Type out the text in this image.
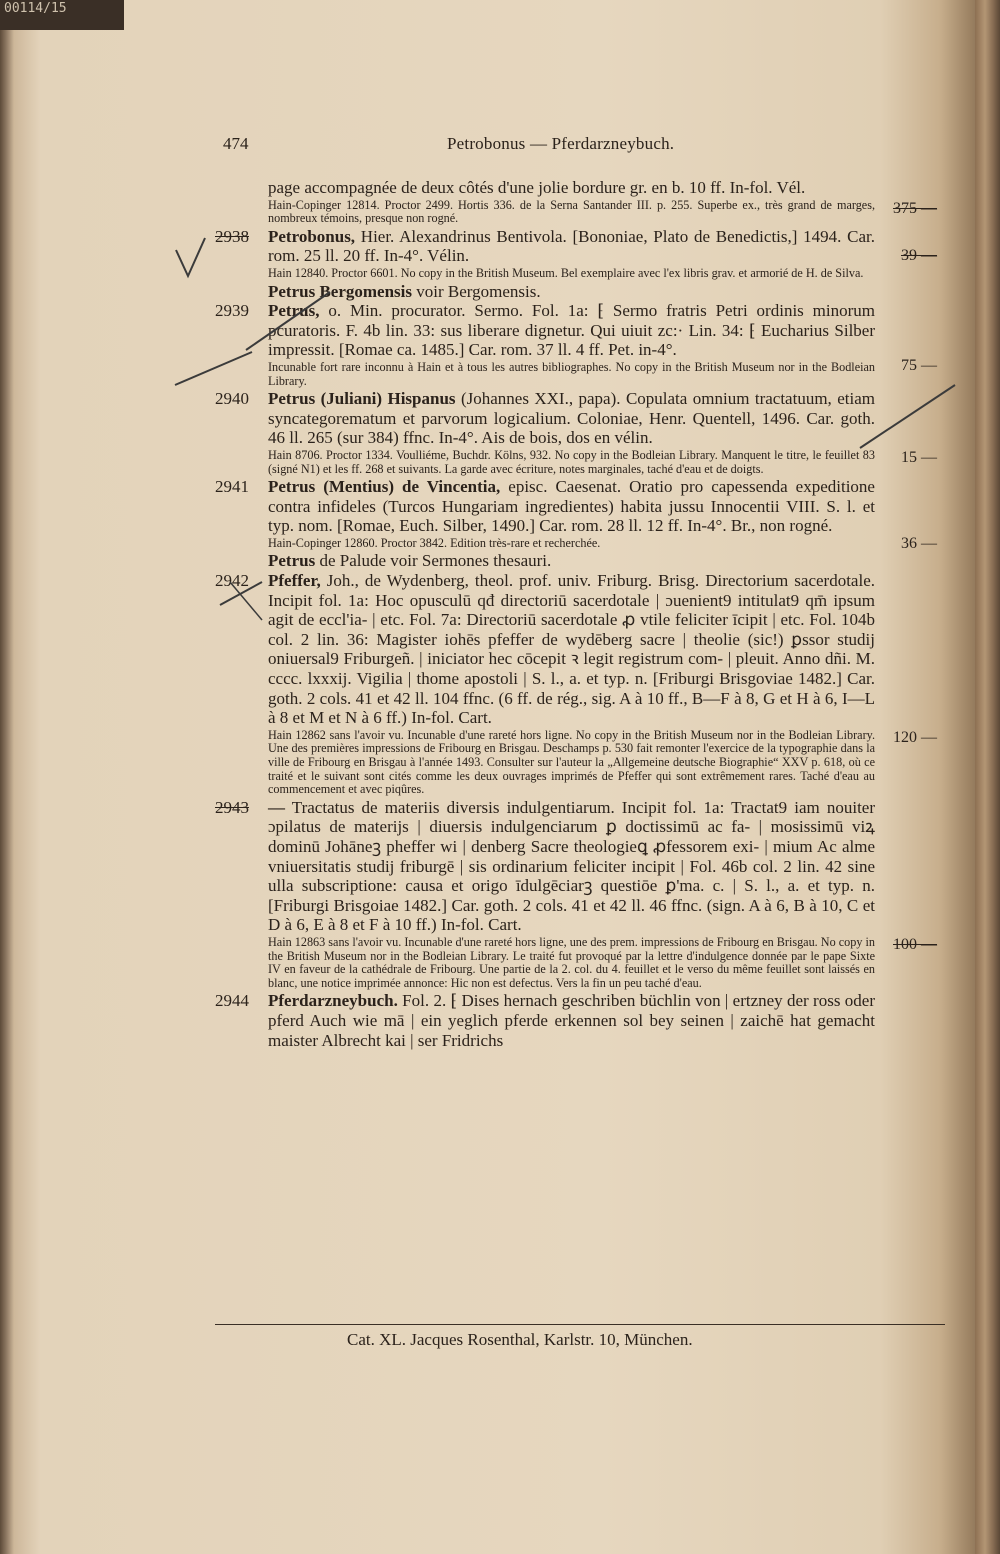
00114/15
474	Petrobonus — Pferdarzneybuch.
page accompagnée de deux côtés d'une jolie bordure gr. en b. 10 ff. In-fol. Vél.
Hain-Copinger 12814. Proctor 2499. Hortis 336. de la Serna Santander III. p. 255. Superbe ex., très grand de marges, nombreux témoins, presque non rogné.
375 —
2938 Petrobonus, Hier. Alexandrinus Bentivola. [Bononiae, Plato de Benedictis,] 1494. Car. rom. 25 ll. 20 ff. In-4°. Vélin.
Hain 12840. Proctor 6601. No copy in the British Museum. Bel exemplaire avec l'ex libris grav. et armorié de H. de Silva.
39 —
Petrus Bergomensis voir Bergomensis.
2939 Petrus, o. Min. procurator. Sermo. Fol. 1a: ⁅ Sermo fratris Petri ordinis minorum pcuratoris. F. 4b lin. 33: sus liberare dignetur. Qui uiuit zc:· Lin. 34: ⁅ Eucharius Silber impressit. [Romae ca. 1485.] Car. rom. 37 ll. 4 ff. Pet. in-4°.
Incunable fort rare inconnu à Hain et à tous les autres bibliographes. No copy in the British Museum nor in the Bodleian Library.
75 —
2940 Petrus (Juliani) Hispanus (Johannes XXI., papa). Copulata omnium tractatuum, etiam syncategorematum et parvorum logicalium. Coloniae, Henr. Quentell, 1496. Car. goth. 46 ll. 265 (sur 384) ffnc. In-4°. Ais de bois, dos en vélin.
Hain 8706. Proctor 1334. Voulliéme, Buchdr. Kölns, 932. No copy in the Bodleian Library. Manquent le titre, le feuillet 83 (signé N1) et les ff. 268 et suivants. La garde avec écriture, notes marginales, taché d'eau et de doigts.
15 —
2941 Petrus (Mentius) de Vincentia, episc. Caesenat. Oratio pro capessenda expeditione contra infideles (Turcos Hungariam ingredientes) habita jussu Innocentii VIII. S. l. et typ. nom. [Romae, Euch. Silber, 1490.] Car. rom. 28 ll. 12 ff. In-4°. Br., non rogné.
Hain-Copinger 12860. Proctor 3842. Edition très-rare et recherchée.	36 —
Petrus de Palude voir Sermones thesauri.
2942 Pfeffer, Joh., de Wydenberg, theol. prof. univ. Friburg. Brisg. Directorium sacerdotale. Incipit fol. 1a: Hoc opusculū qđ directoriū sacerdotale | ɔuenient9 intitulat9 qm̄ ipsum agit de eccl'ia- | etc. Fol. 7a: Directoriū sacerdotale ꝓ vtile feliciter īcipit | etc. Fol. 104b col. 2 lin. 36: Magister iohēs pfeffer de wydēberg sacre | theolie (sic!) ꝑssor studij oniuersal9 Friburgeñ. | iniciator hec cōcepit ꝛ legit registrum com- | pleuit. Anno dñi. M. cccc. lxxxij. Vigilia | thome apostoli | S. l., a. et typ. n. [Friburgi Brisgoviae 1482.] Car. goth. 2 cols. 41 et 42 ll. 104 ffnc. (6 ff. de rég., sig. A à 10 ff., B—F à 8, G et H à 6, I—L à 8 et M et N à 6 ff.) In-fol. Cart.
Hain 12862 sans l'avoir vu. Incunable d'une rareté hors ligne. No copy in the British Museum nor in the Bodleian Library. Une des premières impressions de Fribourg en Brisgau. Deschamps p. 530 fait remonter l'exercice de la typographie dans la ville de Fribourg en Brisgau à l'année 1493. Consulter sur l'auteur la „Allgemeine deutsche Biographie“ XXV p. 618, où ce traité et le suivant sont cités comme les deux ouvrages imprimés de Pfeffer qui sont extrêmement rares. Taché d'eau au commencement et avec piqûres.
120 —
2943 — Tractatus de materiis diversis indulgentiarum. Incipit fol. 1a: Tractat9 iam nouiter ɔpilatus de materijs | diuersis indulgenciarum ꝑ doctissimū ac fa- | mosissimū viꝝ dominū Johāneꝫ pheffer wi | denberg Sacre theologieꝗ ꝓfessorem exi- | mium Ac alme vniuersitatis studij friburgē | sis ordinarium feliciter incipit | Fol. 46b col. 2 lin. 42 sine ulla subscriptione: causa et origo īdulgēciarꝫ questiōe ꝑ'ma. c. | S. l., a. et typ. n. [Friburgi Brisgoiae 1482.] Car. goth. 2 cols. 41 et 42 ll. 46 ffnc. (sign. A à 6, B à 10, C et D à 6, E à 8 et F à 10 ff.) In-fol. Cart.
Hain 12863 sans l'avoir vu. Incunable d'une rareté hors ligne, une des prem. impressions de Fribourg en Brisgau. No copy in the British Museum nor in the Bodleian Library. Le traité fut provoqué par la lettre d'indulgence donnée par le pape Sixte IV en faveur de la cathédrale de Fribourg. Une partie de la 2. col. du 4. feuillet et le verso du même feuillet sont laissés en blanc, une notice imprimée annonce: Hic non est defectus. Vers la fin un peu taché d'eau.
100 —
2944 Pferdarzneybuch. Fol. 2. ⁅ Dises hernach geschriben büchlin von | ertzney der ross oder pferd Auch wie mā | ein yeglich pferde erkennen sol bey seinen | zaichē hat gemacht maister Albrecht kai | ser Fridrichs
Cat. XL. Jacques Rosenthal, Karlstr. 10, München.
